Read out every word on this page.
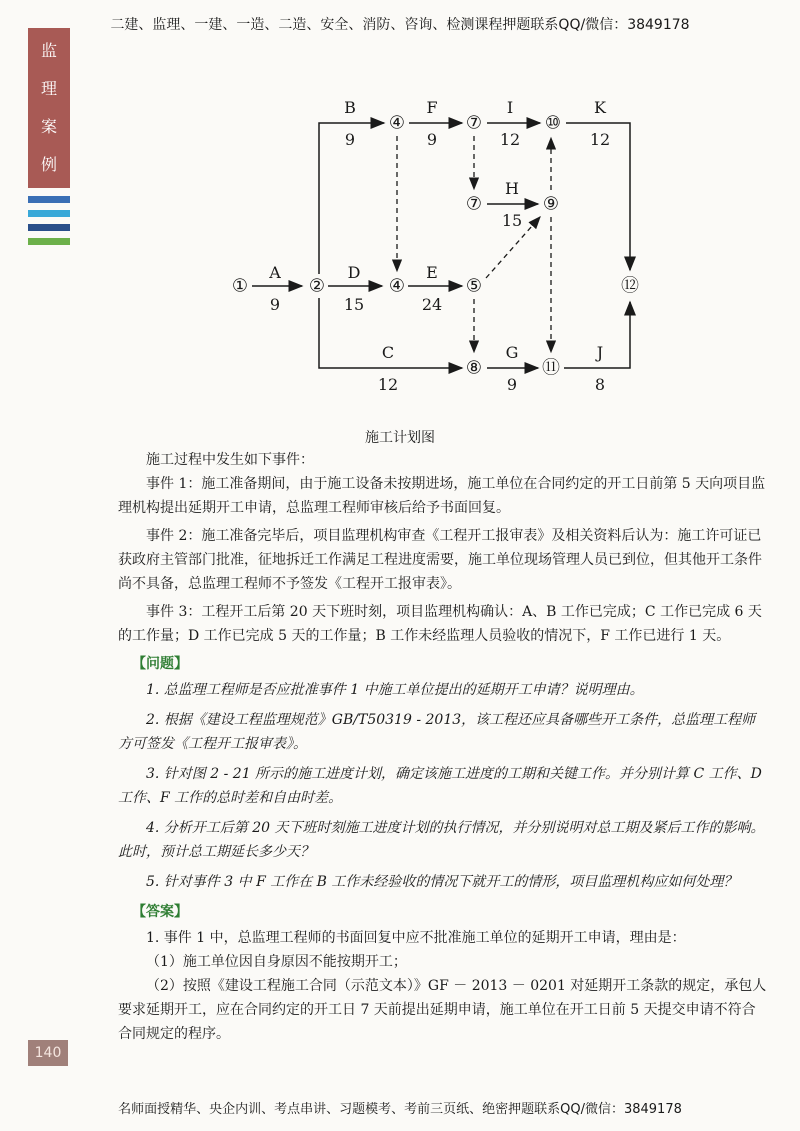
二建、监理、一建、一造、二造、安全、消防、咨询、检测课程押题联系QQ/微信：3849178
监
理
案
例
①	②	④	⑤
⑧	⑪
⑫
④	⑦	⑩
⑦	⑨
A
9
D
15
E
24
B
9
F
9
I
12
K
12
H
15
C
12
G
9
J
8
施工计划图

施工过程中发生如下事件：

事件 1：施工准备期间，由于施工设备未按期进场，施工单位在合同约定的开工日前第 5 天向项目监理机构提出延期开工申请，总监理工程师审核后给予书面回复。

事件 2：施工准备完毕后，项目监理机构审查《工程开工报审表》及相关资料后认为：施工许可证已获政府主管部门批准，征地拆迁工作满足工程进度需要，施工单位现场管理人员已到位，但其他开工条件尚不具备，总监理工程师不予签发《工程开工报审表》。

事件 3：工程开工后第 20 天下班时刻，项目监理机构确认：A、B 工作已完成；C 工作已完成 6 天的工作量；D 工作已完成 5 天的工作量；B 工作未经监理人员验收的情况下，F 工作已进行 1 天。

【问题】

1. 总监理工程师是否应批准事件 1 中施工单位提出的延期开工申请？说明理由。

2. 根据《建设工程监理规范》GB/T50319 - 2013，该工程还应具备哪些开工条件，总监理工程师方可签发《工程开工报审表》。

3. 针对图 2 - 21 所示的施工进度计划，确定该施工进度的工期和关键工作。并分别计算 C 工作、D 工作、F 工作的总时差和自由时差。

4. 分析开工后第 20 天下班时刻施工进度计划的执行情况，并分别说明对总工期及紧后工作的影响。此时，预计总工期延长多少天？

5. 针对事件 3 中 F 工作在 B 工作未经验收的情况下就开工的情形，项目监理机构应如何处理？

【答案】

1. 事件 1 中，总监理工程师的书面回复中应不批准施工单位的延期开工申请，理由是：

（1）施工单位因自身原因不能按期开工；

（2）按照《建设工程施工合同（示范文本）》GF － 2013 － 0201 对延期开工条款的规定，承包人要求延期开工，应在合同约定的开工日 7 天前提出延期申请，施工单位在开工日前 5 天提交申请不符合合同规定的程序。

140
名师面授精华、央企内训、考点串讲、习题模考、考前三页纸、绝密押题联系QQ/微信：3849178
